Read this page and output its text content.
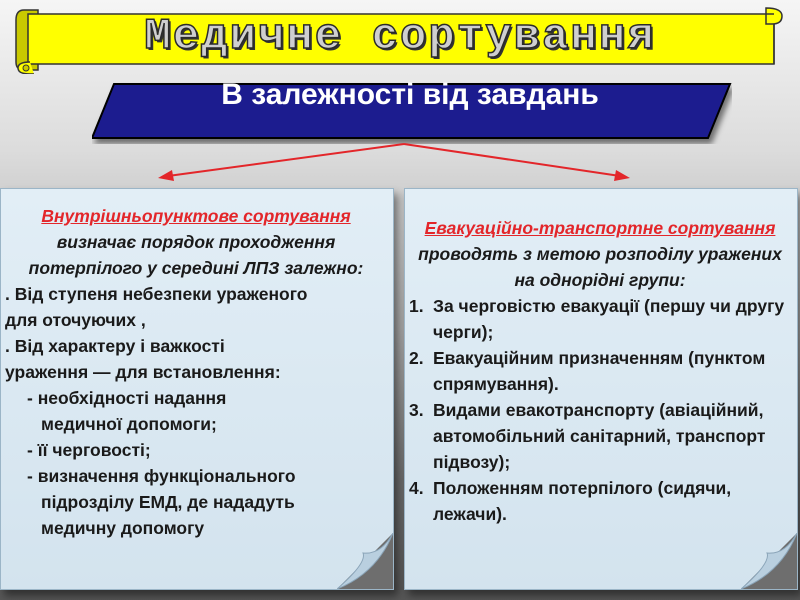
Медичне сортування
В залежності від завдань
Внутрішньопунктове сортування визначає порядок проходження потерпілого у середині ЛПЗ залежно:
. Від ступеня небезпеки ураженого
для оточуючих ,
. Від характеру і важкості
ураження — для встановлення:
- необхідності надання
медичної допомоги;
- її черговості;
- визначення функціонального
підрозділу ЕМД, де нададуть
медичну допомогу
Евакуаційно-транспортне сортування проводять з метою розподілу уражених на однорідні групи:
1. За черговістю евакуації (першу чи другу черги);
2. Евакуаційним призначенням (пунктом спрямування).
3. Видами евакотранспорту (авіаційний, автомобільний санітарний, транспорт підвозу);
4. Положенням потерпілого (сидячи, лежачи).
